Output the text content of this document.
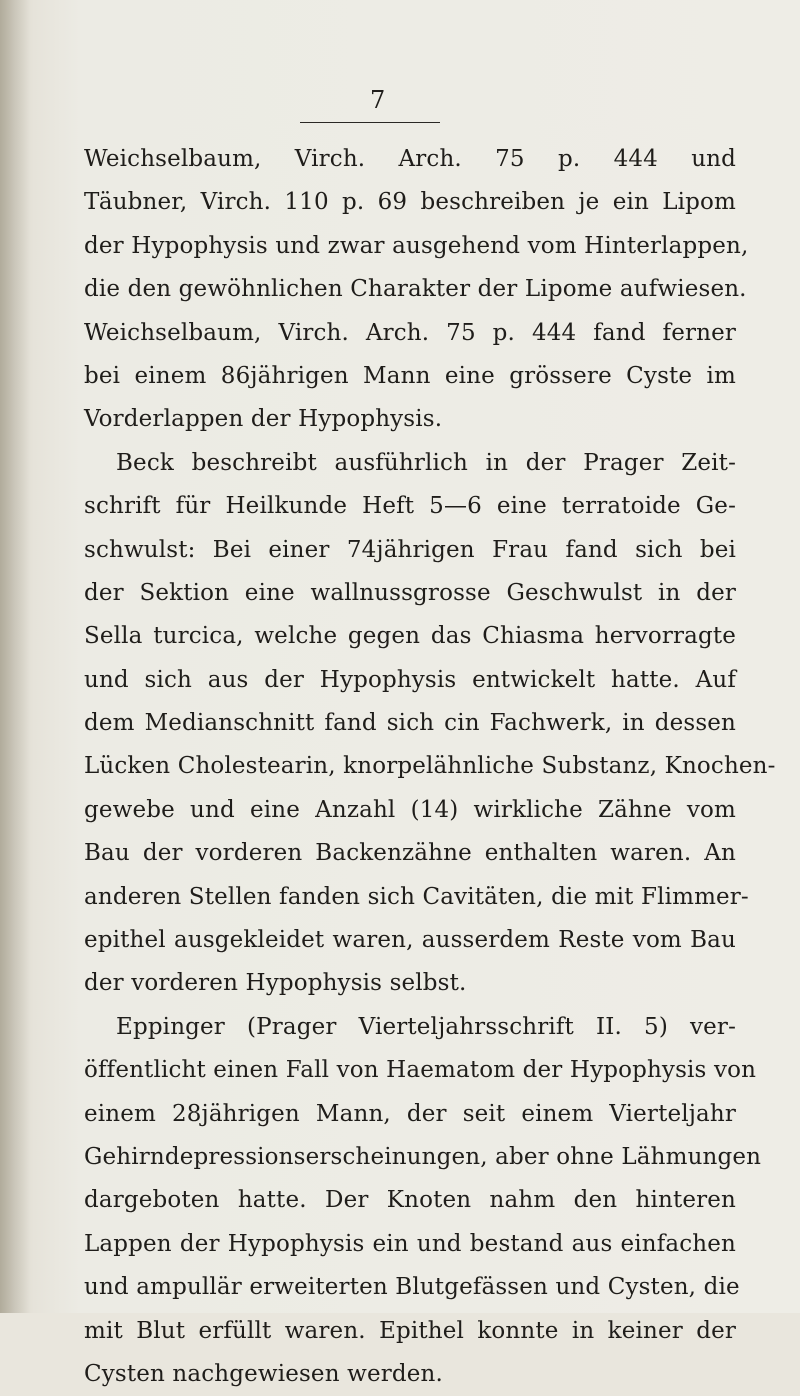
7
Weichselbaum, Virch. Arch. 75 p. 444 und
Täubner, Virch. 110 p. 69 beschreiben je ein Lipom
der Hypophysis und zwar ausgehend vom Hinterlappen,
die den gewöhnlichen Charakter der Lipome aufwiesen.
Weichselbaum, Virch. Arch. 75 p. 444 fand ferner
bei einem 86jährigen Mann eine grössere Cyste im
Vorderlappen der Hypophysis.
Beck beschreibt ausführlich in der Prager Zeit-
schrift für Heilkunde Heft 5—6 eine terratoide Ge-
schwulst: Bei einer 74jährigen Frau fand sich bei
der Sektion eine wallnussgrosse Geschwulst in der
Sella turcica, welche gegen das Chiasma hervorragte
und sich aus der Hypophysis entwickelt hatte. Auf
dem Medianschnitt fand sich cin Fachwerk, in dessen
Lücken Cholestearin, knorpelähnliche Substanz, Knochen-
gewebe und eine Anzahl (14) wirkliche Zähne vom
Bau der vorderen Backenzähne enthalten waren. An
anderen Stellen fanden sich Cavitäten, die mit Flimmer-
epithel ausgekleidet waren, ausserdem Reste vom Bau
der vorderen Hypophysis selbst.
Eppinger (Prager Vierteljahrsschrift II. 5) ver-
öffentlicht einen Fall von Haematom der Hypophysis von
einem 28jährigen Mann, der seit einem Vierteljahr
Gehirndepressionserscheinungen, aber ohne Lähmungen
dargeboten hatte. Der Knoten nahm den hinteren
Lappen der Hypophysis ein und bestand aus einfachen
und ampullär erweiterten Blutgefässen und Cysten, die
mit Blut erfüllt waren. Epithel konnte in keiner der
Cysten nachgewiesen werden.
